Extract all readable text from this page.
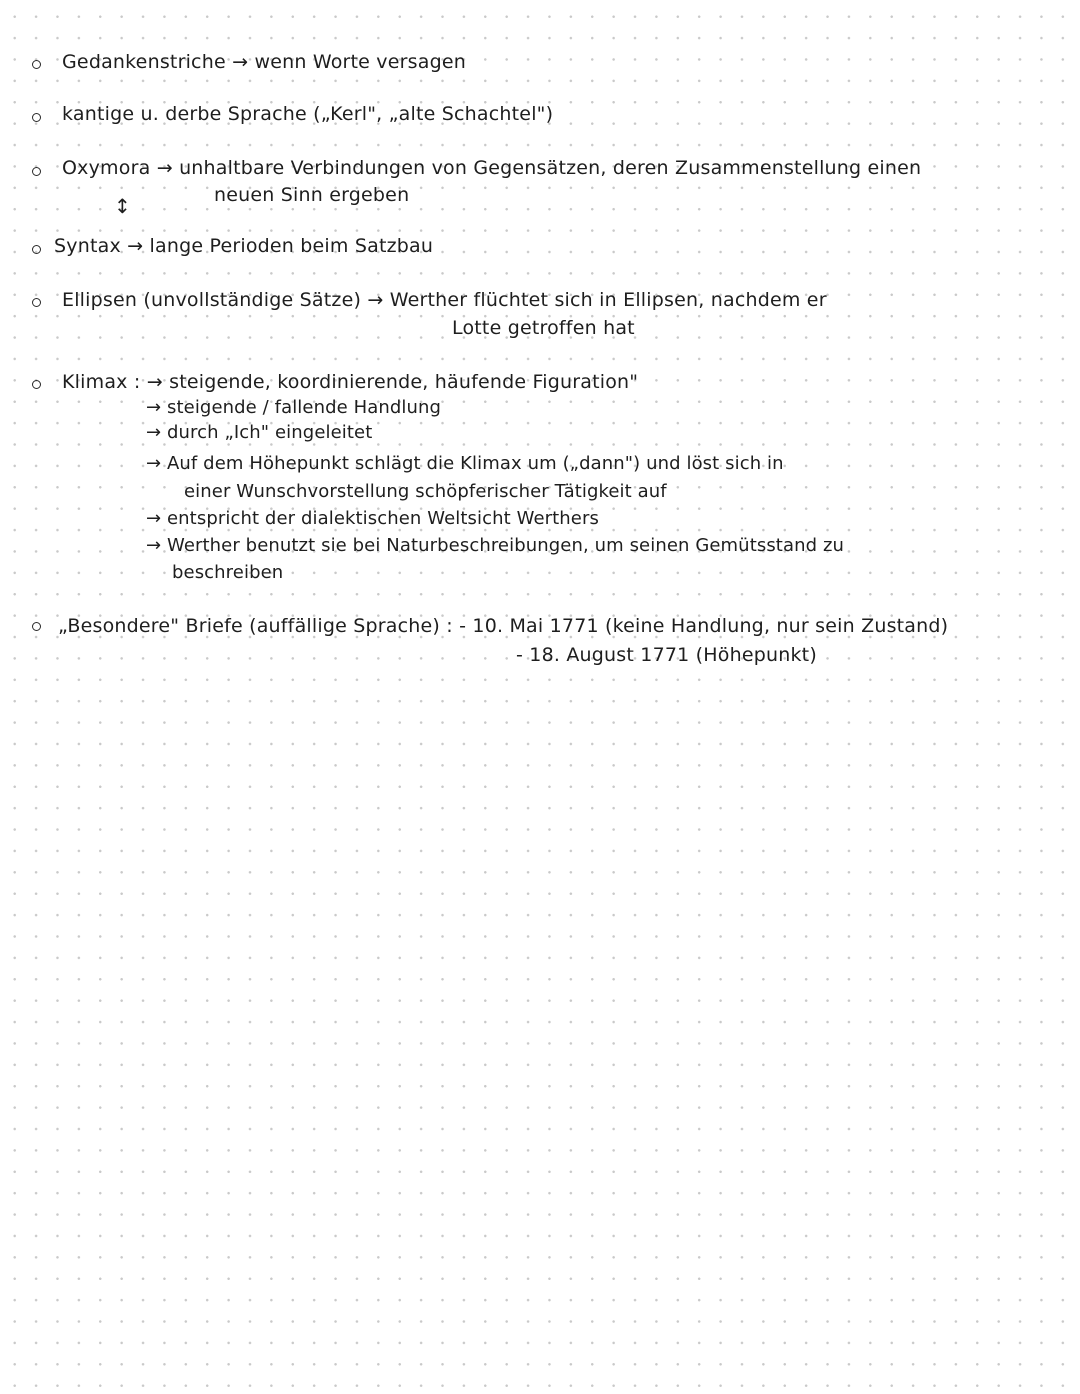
Gedankenstriche → wenn Worte versagen
kantige u. derbe Sprache („Kerl", „alte Schachtel")
Oxymora → unhaltbare Verbindungen von Gegensätzen, deren Zusammenstellung einen
neuen Sinn ergeben
↕
Syntax → lange Perioden beim Satzbau
Ellipsen (unvollständige Sätze) → Werther flüchtet sich in Ellipsen, nachdem er
Lotte getroffen hat
Klimax : → steigende, koordinierende, häufende Figuration"
→ steigende / fallende Handlung
→ durch „Ich" eingeleitet
→ Auf dem Höhepunkt schlägt die Klimax um („dann") und löst sich in
einer Wunschvorstellung schöpferischer Tätigkeit auf
→ entspricht der dialektischen Weltsicht Werthers
→ Werther benutzt sie bei Naturbeschreibungen, um seinen Gemütsstand zu
beschreiben
„Besondere" Briefe (auffällige Sprache) : - 10. Mai 1771 (keine Handlung, nur sein Zustand)
- 18. August 1771 (Höhepunkt)
